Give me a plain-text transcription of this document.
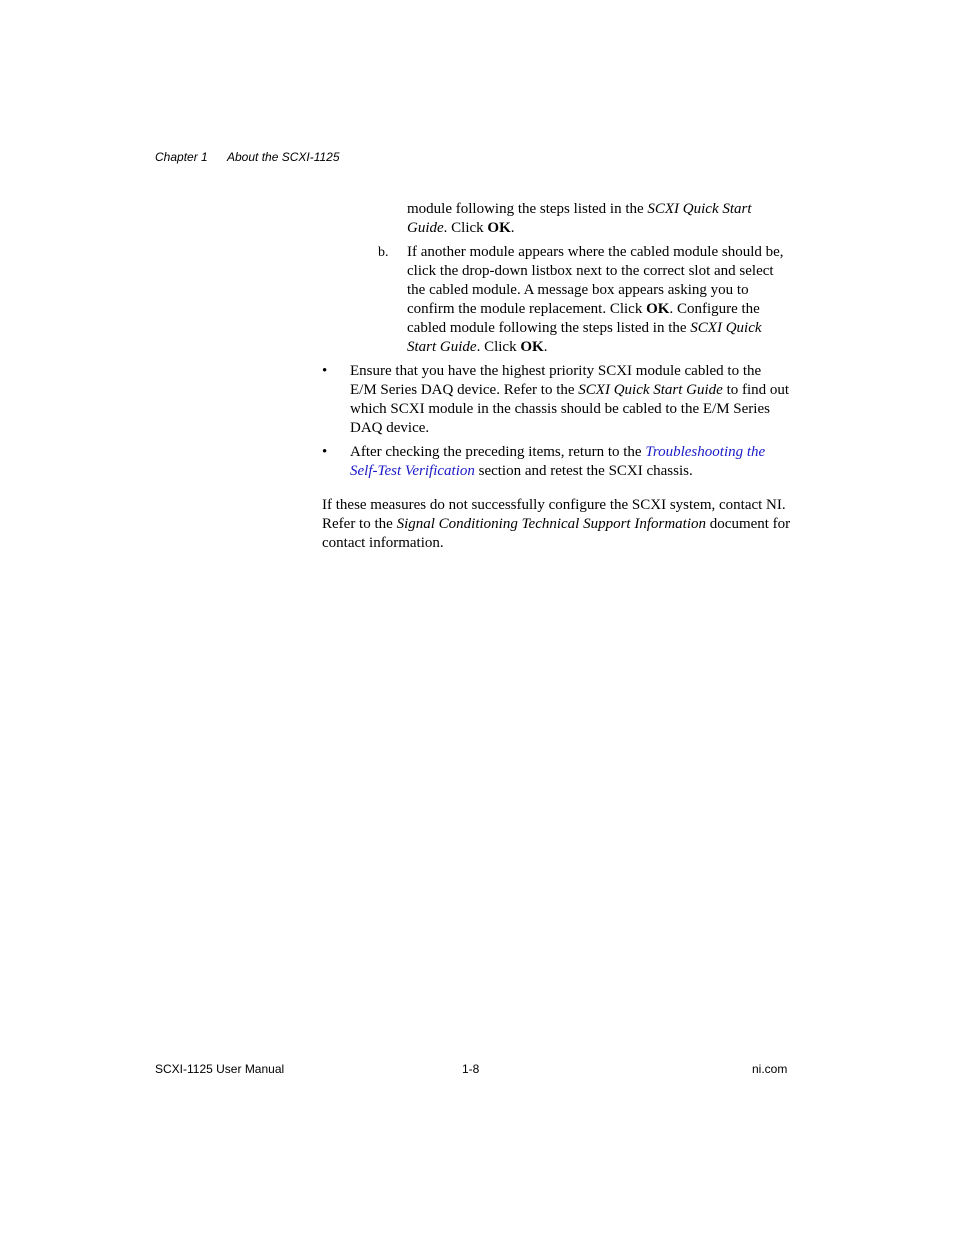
Chapter 1 About the SCXI-1125

module following the steps listed in the SCXI Quick Start Guide. Click OK.

b. If another module appears where the cabled module should be, click the drop-down listbox next to the correct slot and select the cabled module. A message box appears asking you to confirm the module replacement. Click OK. Configure the cabled module following the steps listed in the SCXI Quick Start Guide. Click OK.

• Ensure that you have the highest priority SCXI module cabled to the E/M Series DAQ device. Refer to the SCXI Quick Start Guide to find out which SCXI module in the chassis should be cabled to the E/M Series DAQ device.

• After checking the preceding items, return to the Troubleshooting the Self-Test Verification section and retest the SCXI chassis.

If these measures do not successfully configure the SCXI system, contact NI. Refer to the Signal Conditioning Technical Support Information document for contact information.

SCXI-1125 User Manual	1-8	ni.com
